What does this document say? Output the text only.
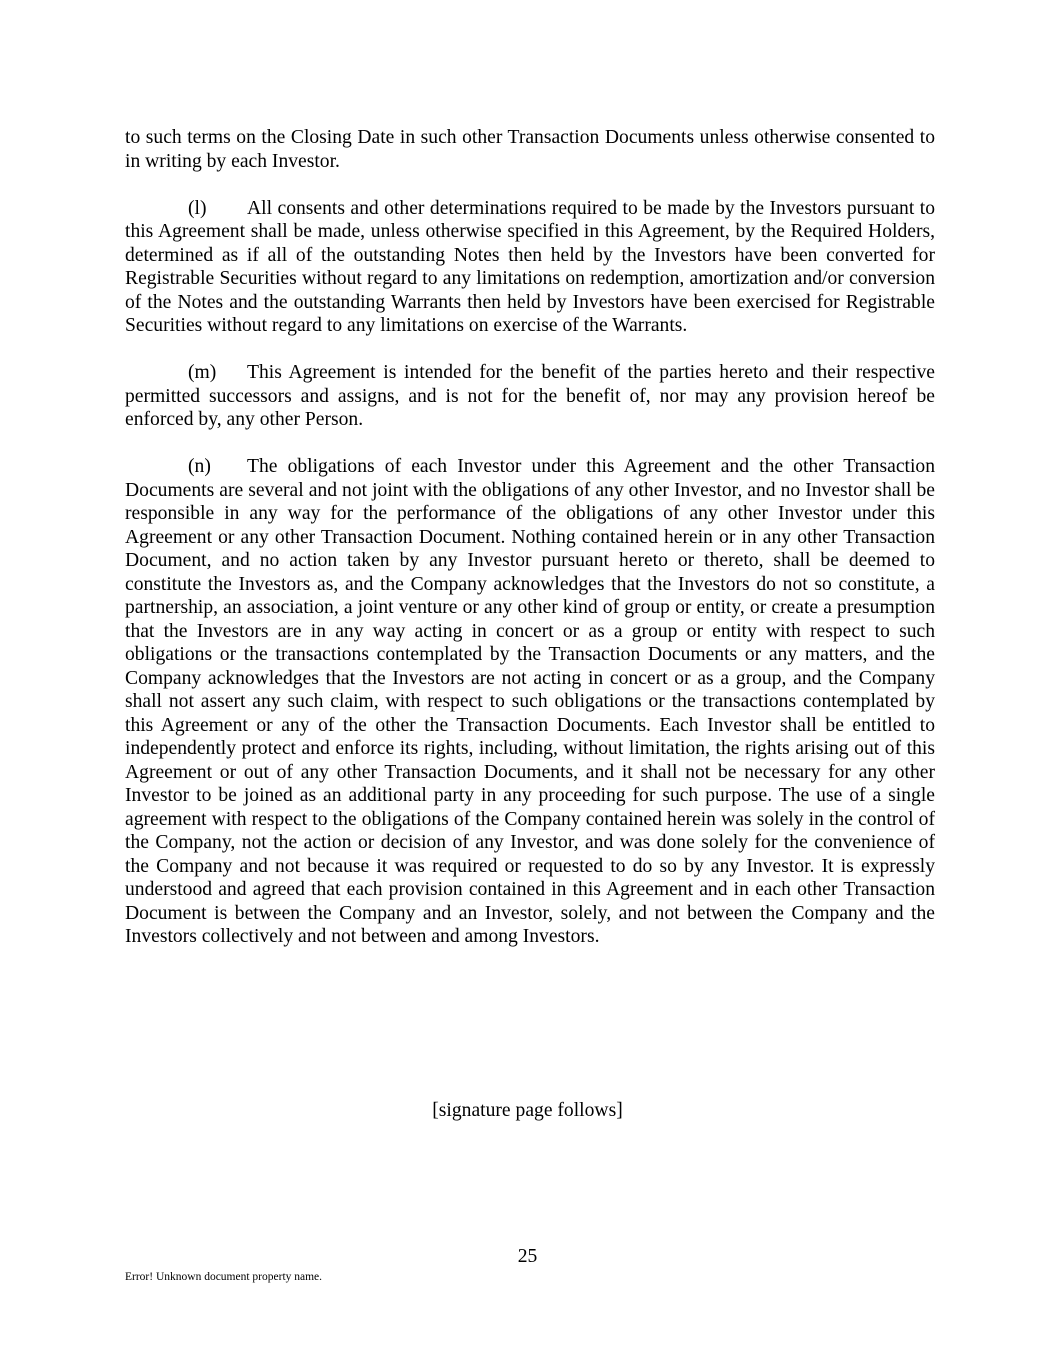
to such terms on the Closing Date in such other Transaction Documents unless otherwise consented to in writing by each Investor.

(l) All consents and other determinations required to be made by the Investors pursuant to this Agreement shall be made, unless otherwise specified in this Agreement, by the Required Holders, determined as if all of the outstanding Notes then held by the Investors have been converted for Registrable Securities without regard to any limitations on redemption, amortization and/or conversion of the Notes and the outstanding Warrants then held by Investors have been exercised for Registrable Securities without regard to any limitations on exercise of the Warrants.

(m) This Agreement is intended for the benefit of the parties hereto and their respective permitted successors and assigns, and is not for the benefit of, nor may any provision hereof be enforced by, any other Person.

(n) The obligations of each Investor under this Agreement and the other Transaction Documents are several and not joint with the obligations of any other Investor, and no Investor shall be responsible in any way for the performance of the obligations of any other Investor under this Agreement or any other Transaction Document. Nothing contained herein or in any other Transaction Document, and no action taken by any Investor pursuant hereto or thereto, shall be deemed to constitute the Investors as, and the Company acknowledges that the Investors do not so constitute, a partnership, an association, a joint venture or any other kind of group or entity, or create a presumption that the Investors are in any way acting in concert or as a group or entity with respect to such obligations or the transactions contemplated by the Transaction Documents or any matters, and the Company acknowledges that the Investors are not acting in concert or as a group, and the Company shall not assert any such claim, with respect to such obligations or the transactions contemplated by this Agreement or any of the other the Transaction Documents. Each Investor shall be entitled to independently protect and enforce its rights, including, without limitation, the rights arising out of this Agreement or out of any other Transaction Documents, and it shall not be necessary for any other Investor to be joined as an additional party in any proceeding for such purpose. The use of a single agreement with respect to the obligations of the Company contained herein was solely in the control of the Company, not the action or decision of any Investor, and was done solely for the convenience of the Company and not because it was required or requested to do so by any Investor. It is expressly understood and agreed that each provision contained in this Agreement and in each other Transaction Document is between the Company and an Investor, solely, and not between the Company and the Investors collectively and not between and among Investors.

[signature page follows]
25
Error! Unknown document property name.
